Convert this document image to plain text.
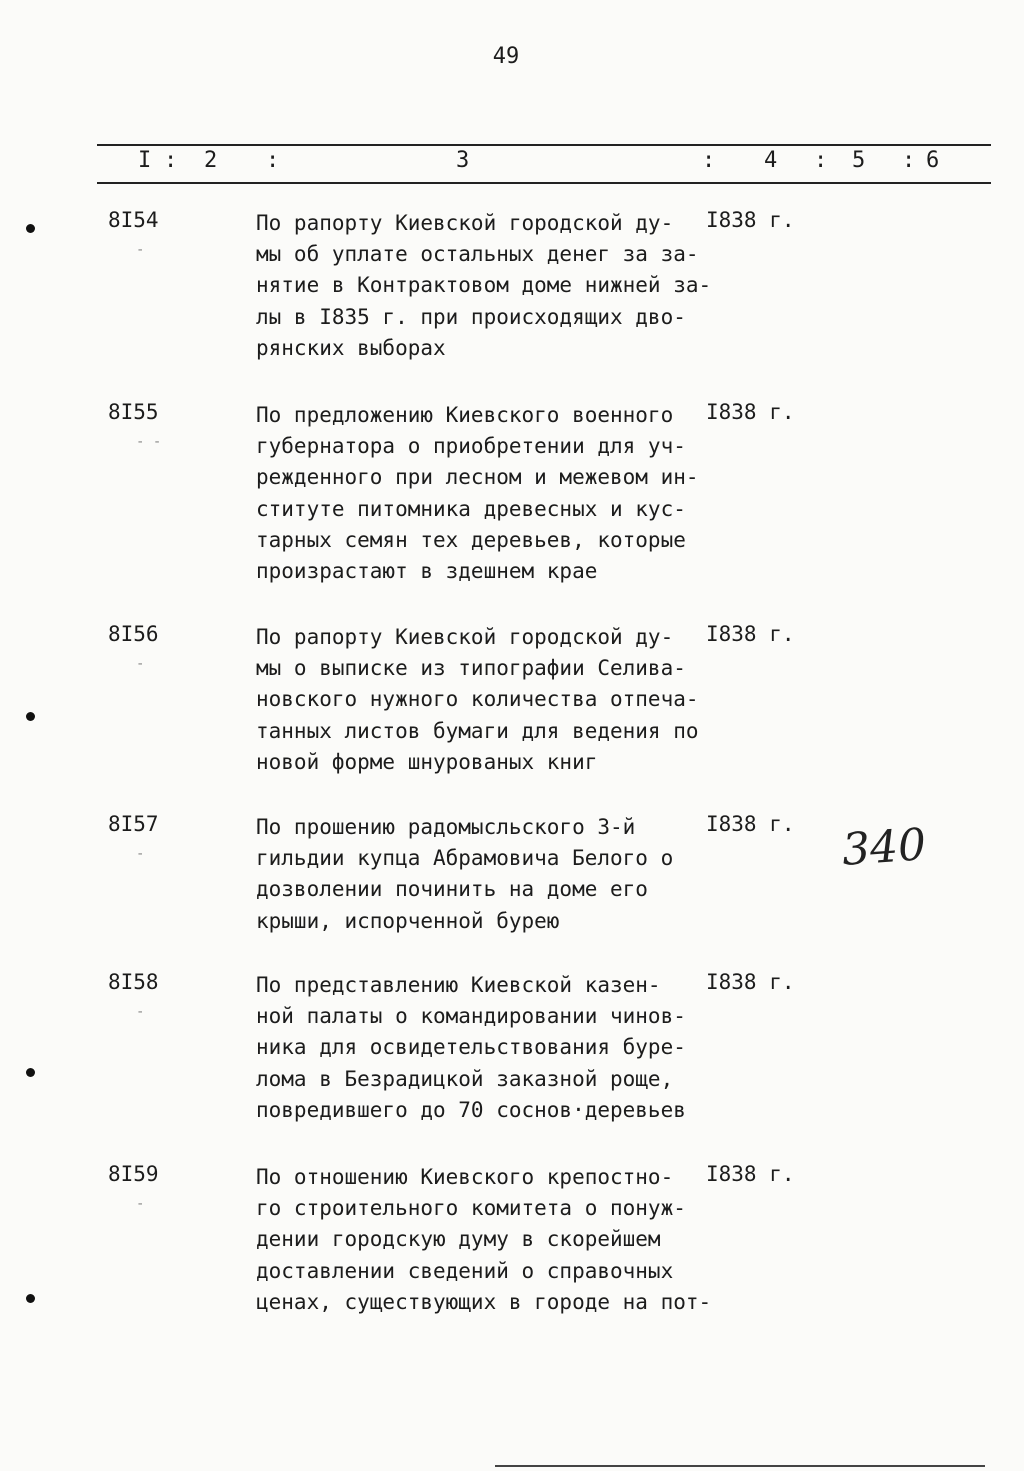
49
I : 2 :	3	: 4 : 5 : 6
8I54
-
По рапорту Киевской городской ду-
мы об уплате остальных денег за за-
нятие в Контрактовом доме нижней за-
лы в I835 г. при происходящих дво-
рянских выборах
I838 г.
8I55
- -
По предложению Киевского военного
губернатора о приобретении для уч-
режденного при лесном и межевом ин-
ституте питомника древесных и кус-
тарных семян тех деревьев, которые
произрастают в здешнем крае
I838 г.
8I56
-
По рапорту Киевской городской ду-
мы о выписке из типографии Селива-
новского нужного количества отпеча-
танных листов бумаги для ведения по
новой форме шнурованых книг
I838 г.
8I57
-
По прошению радомысльского 3-й
гильдии купца Абрамовича Белого о
дозволении починить на доме его
крыши, испорченной бурею
I838 г.
8I58
-
По представлению Киевской казен-
ной палаты о командировании чинов-
ника для освидетельствования буре-
лома в Безрадицкой заказной роще,
повредившего до 70 соснов·деревьев
I838 г.
8I59
-
По отношению Киевского крепостно-
го строительного комитета о понуж-
дении городскую думу в скорейшем
доставлении сведений о справочных
ценах, существующих в городе на пот-
I838 г.
340
